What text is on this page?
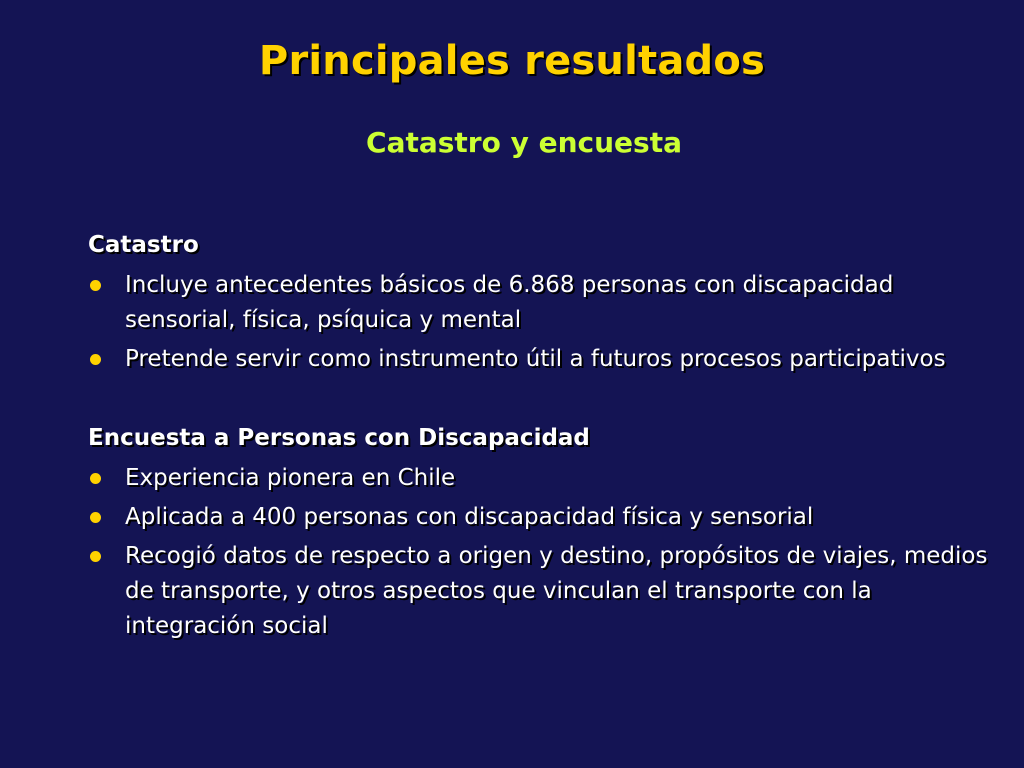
Principales resultados
Catastro y encuesta
Catastro
Incluye antecedentes básicos de 6.868 personas con discapacidad sensorial, física, psíquica y mental
Pretende servir como instrumento útil a futuros procesos participativos
Encuesta a Personas con Discapacidad
Experiencia pionera en Chile
Aplicada a 400 personas con discapacidad física y sensorial
Recogió datos de respecto a origen y destino, propósitos de viajes, medios de transporte, y otros aspectos que vinculan el transporte con la integración social
